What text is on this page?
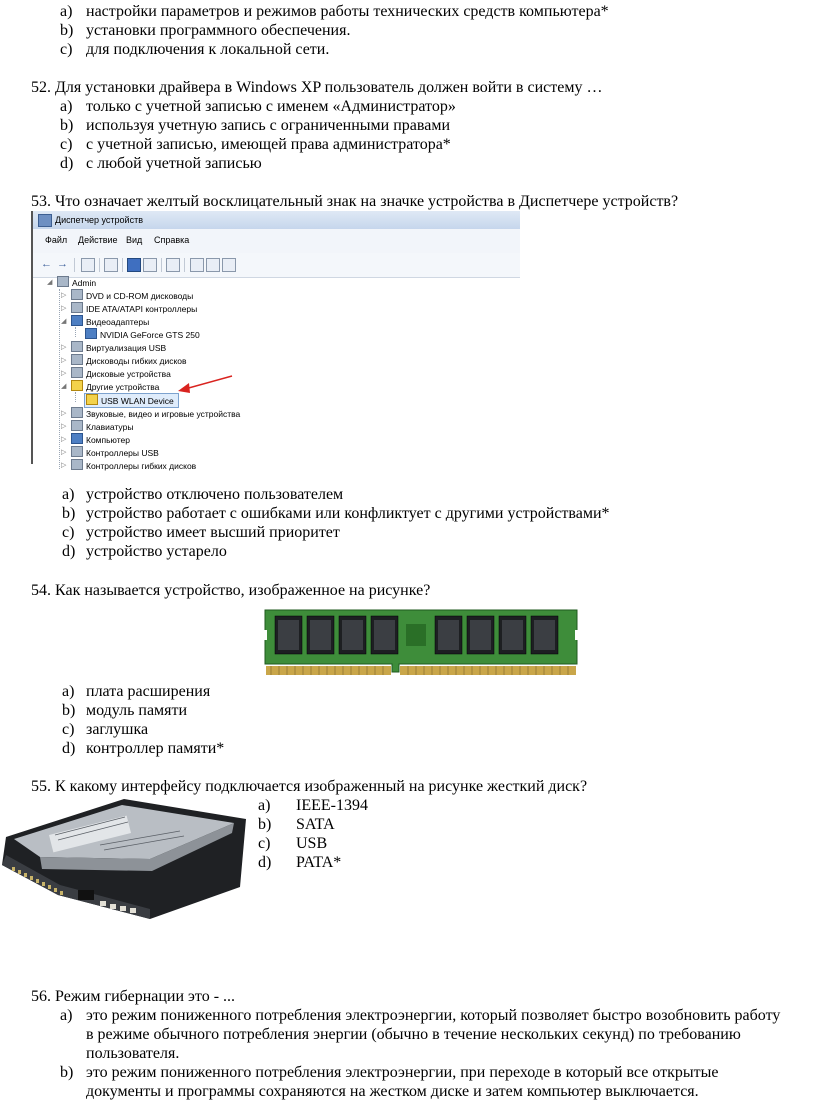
a) настройки параметров и режимов работы технических средств компьютера*
b) установки программного обеспечения.
c) для подключения к локальной сети.
52. Для установки драйвера в Windows XP пользователь должен войти в систему …
a) только с учетной записью с именем «Администратор»
b) используя учетную запись с ограниченными правами
c) с учетной записью, имеющей права администратора*
d) с любой учетной записью
53. Что означает желтый восклицательный знак на значке устройства в Диспетчере устройств?
Диспетчер устройств
Файл Действие Вид Справка
← →
◢ Admin
▷ DVD и CD-ROM дисководы
▷ IDE ATA/ATAPI контроллеры
◢ Видеоадаптеры
NVIDIA GeForce GTS 250
▷ Виртуализация USB
▷ Дисководы гибких дисков
▷ Дисковые устройства
◢ Другие устройства
USB WLAN Device
▷ Звуковые, видео и игровые устройства
▷ Клавиатуры
▷ Компьютер
▷ Контроллеры USB
▷ Контроллеры гибких дисков
a) устройство отключено пользователем
b) устройство работает с ошибками или конфликтует с другими устройствами*
c) устройство имеет высший приоритет
d) устройство устарело
54. Как называется устройство, изображенное на рисунке?
a) плата расширения
b) модуль памяти
c) заглушка
d) контроллер памяти*
55. К какому интерфейсу подключается изображенный на рисунке жесткий диск?
a) IEEE-1394
b) SATA
c) USB
d) PATA*
56. Режим гибернации это - ...
a) это режим пониженного потребления электроэнергии, который позволяет быстро возобновить работу
в режиме обычного потребления энергии (обычно в течение нескольких секунд) по требованию
пользователя.
b) это режим пониженного потребления электроэнергии, при переходе в который все открытые
документы и программы сохраняются на жестком диске и затем компьютер выключается.
